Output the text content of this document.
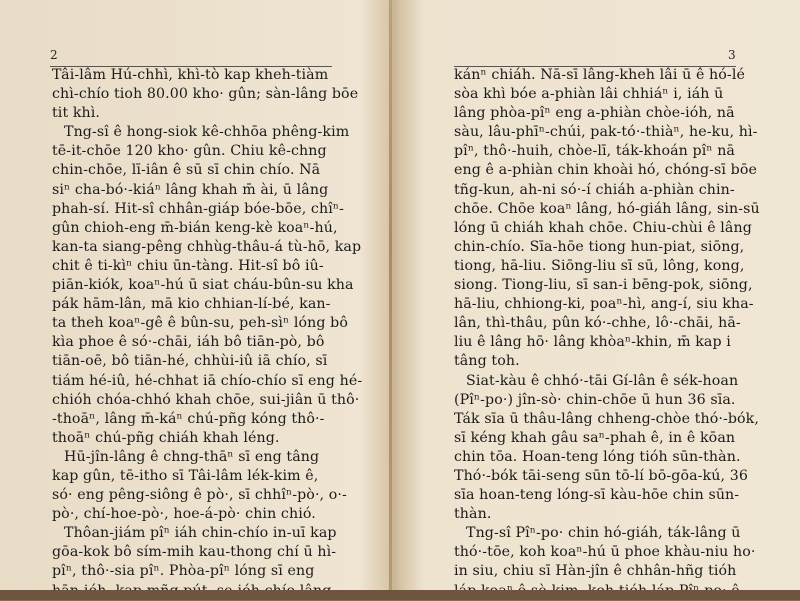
2
Tâi-lâm Hú-chhì, khì-tò kap kheh-tiàm
chì-chío tioh 80.00 kho· gûn; sàn-lâng bōe
tit khì.
Tng-sî ê hong-siok kê-chhōa phêng-kim
tē-it-chōe 120 kho· gûn. Chiu kê-chng
chin-chōe, lī-iân ê sū sī chin chío. Nā
siⁿ cha-bó·-kiáⁿ lâng khah m̄ ài, ū lâng
phah-sí. Hit-sî chhân-giáp bóe-bōe, chîⁿ-
gûn chioh-eng m̄-bián keng-kè koaⁿ-hú,
kan-ta siang-pêng chhùg-thâu-á tù-hō, kap
chit ê ti-kìⁿ chiu ūn-tàng. Hit-sî bô iû-
piān-kiók, koaⁿ-hú ū siat cháu-bûn-su kha
pák hām-lân, mā kio chhian-lí-bé, kan-
ta theh koaⁿ-gê ê bûn-su, peh-sìⁿ lóng bô
kìa phoe ê só·-chāi, iáh bô tiān-pò, bô
tiān-oē, bô tiān-hé, chhùi-iû iā chío, sī
tiám hé-iû, hé-chhat iā chío-chío sī eng hé-
chióh chóa-chhó khah chōe, sui-jiân ū thô·
-thoāⁿ, lâng m̄-káⁿ chú-pñg kóng thô·-
thoāⁿ chú-pñg chiáh khah léng.
Hū-jîn-lâng ê chng-thāⁿ sī eng tâng
kap gûn, tē-itho sī Tâi-lâm lék-kim ê,
só· eng pêng-siông ê pò·, sī chhîⁿ-pò·, o·-
pò·, chí-hoe-pò·, hoe-á-pò· chin chió.
Thôan-jiám pîⁿ iáh chin-chío in-uī kap
gōa-kok bô sím-mih kau-thong chí ū hì-
pîⁿ, thô·-sia pîⁿ. Phòa-pîⁿ lóng sī eng
3
kánⁿ chiáh. Nā-sī lâng-kheh lâi ū ê hó-lé
sòa khì bóe a-phiàn lâi chhiáⁿ i, iáh ū
lâng phòa-pîⁿ eng a-phiàn chòe-ióh, nā
sàu, lâu-phīⁿ-chúi, pak-tó·-thiàⁿ, he-ku, hì-
pîⁿ, thô·-huih, chòe-lī, ták-khoán pîⁿ nā
eng ê a-phiàn chin khoài hó, chóng-sī bōe
tñg-kun, ah-ni só·-í chiáh a-phiàn chin-
chōe. Chōe koaⁿ lâng, hó-giáh lâng, sin-sū
lóng ū chiáh khah chōe. Chiu-chùi ê lâng
chin-chío. Sīa-hōe tiong hun-piat, siōng,
tiong, hā-liu. Siōng-liu sī sū, lông, kong,
siong. Tiong-liu, sī san-i bēng-pok, siōng,
hā-liu, chhiong-ki, poaⁿ-hì, ang-í, siu kha-
lân, thì-thâu, pûn kó·-chhe, lô·-chāi, hā-
liu ê lâng hō· lâng khòaⁿ-khin, m̄ kap i
tâng toh.
Siat-kàu ê chhó·-tāi Gí-lân ê sék-hoan
(Pîⁿ-po·) jîn-sò· chin-chōe ū hun 36 sīa.
Ták sīa ū thâu-lâng chheng-chòe thó·-bók,
sī kéng khah gâu saⁿ-phah ê, in ê kōan
chin tōa. Hoan-teng lóng tióh sūn-thàn.
Thó·-bók tāi-seng sūn tō-lí bō-gōa-kú, 36
sīa hoan-teng lóng-sī kàu-hōe chin sūn-
thàn.
Tng-sî Pîⁿ-po· chin hó-giáh, ták-lâng ū
thó·-tōe, koh koaⁿ-hú ū phoe khàu-niu ho·
in siu, chiu sī Hàn-jîn ê chhân-hñg tióh
